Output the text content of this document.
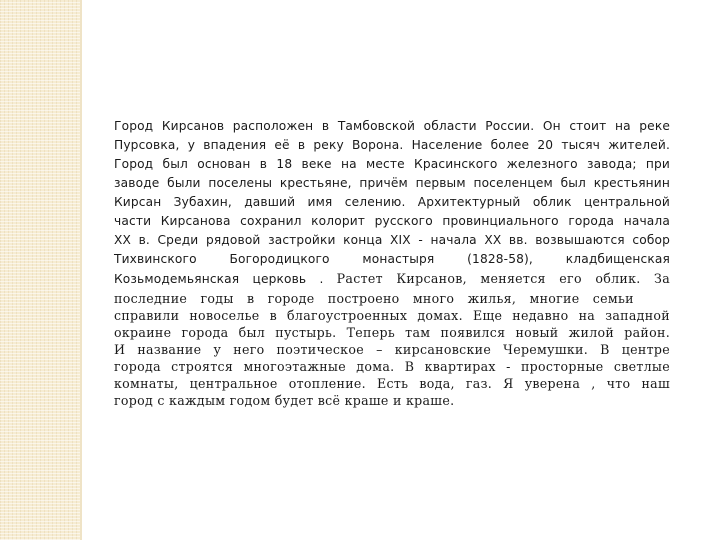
Город Кирсанов расположен в Тамбовской области России. Он стоит на реке
Пурсовка, у впадения её в реку Ворона. Население более 20 тысяч жителей.
Город был основан в 18 веке на месте Красинского железного завода; при
заводе были поселены крестьяне, причём первым поселенцем был крестьянин
Кирсан Зубахин, давший имя селению. Архитектурный облик центральной
части Кирсанова сохранил колорит русского провинциального города начала
XX в. Среди рядовой застройки конца XIX - начала XX вв. возвышаются собор
Тихвинского Богородицкого монастыря (1828-58), кладбищенская
Козьмодемьянская церковь . Растет Кирсанов, меняется его облик. За
последние годы в городе построено много жилья, многие семьи
справили новоселье в благоустроенных домах. Еще недавно на западной
окраине города был пустырь. Теперь там появился новый жилой район.
И название у него поэтическое – кирсановские Черемушки. В центре
города строятся многоэтажные дома. В квартирах - просторные светлые
комнаты, центральное отопление. Есть вода, газ. Я уверена , что наш
город с каждым годом будет всё краше и краше.
